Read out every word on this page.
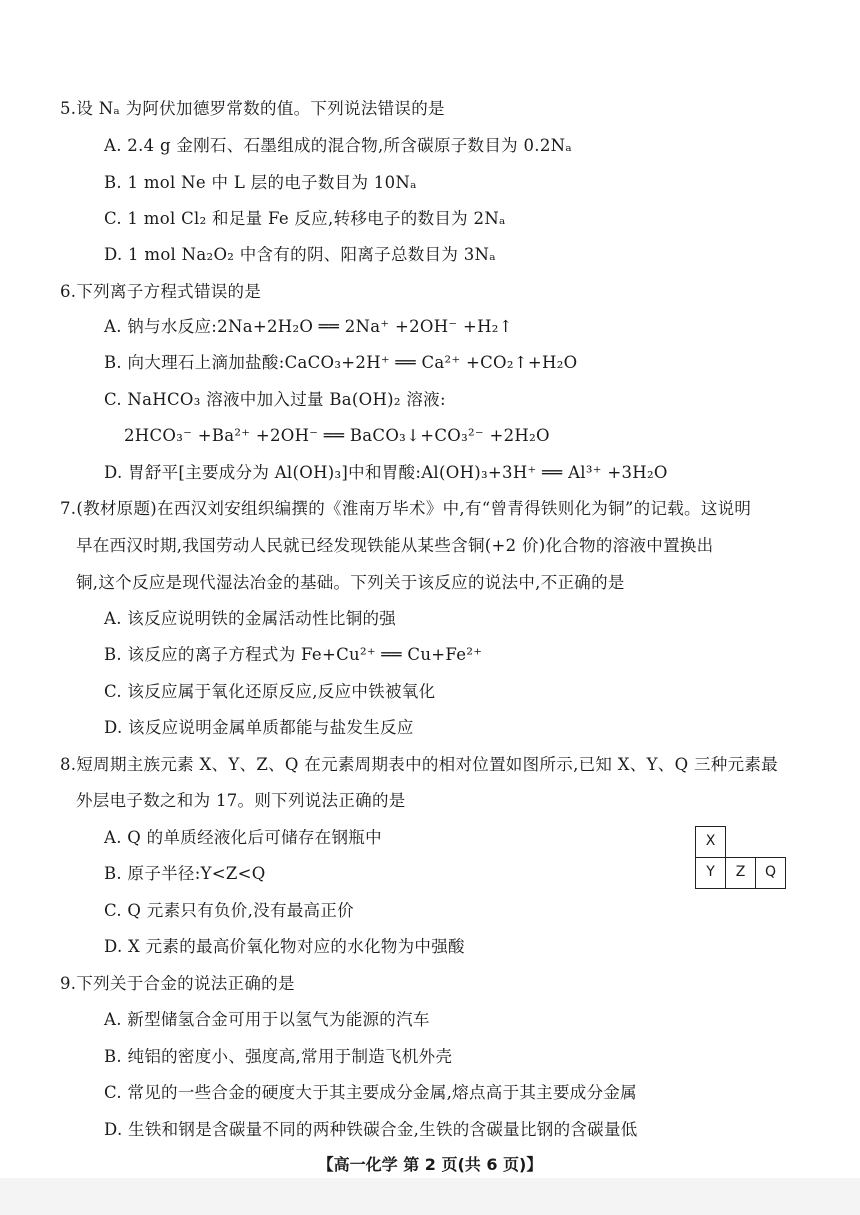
5.设 Nₐ 为阿伏加德罗常数的值。下列说法错误的是
A. 2.4 g 金刚石、石墨组成的混合物,所含碳原子数目为 0.2Nₐ
B. 1 mol Ne 中 L 层的电子数目为 10Nₐ
C. 1 mol Cl₂ 和足量 Fe 反应,转移电子的数目为 2Nₐ
D. 1 mol Na₂O₂ 中含有的阴、阳离子总数目为 3Nₐ
6.下列离子方程式错误的是
A. 钠与水反应:2Na+2H₂O ══ 2Na⁺ +2OH⁻ +H₂↑
B. 向大理石上滴加盐酸:CaCO₃+2H⁺ ══ Ca²⁺ +CO₂↑+H₂O
C. NaHCO₃ 溶液中加入过量 Ba(OH)₂ 溶液:
2HCO₃⁻ +Ba²⁺ +2OH⁻ ══ BaCO₃↓+CO₃²⁻ +2H₂O
D. 胃舒平[主要成分为 Al(OH)₃]中和胃酸:Al(OH)₃+3H⁺ ══ Al³⁺ +3H₂O
7.(教材原题)在西汉刘安组织编撰的《淮南万毕术》中,有“曾青得铁则化为铜”的记载。这说明
早在西汉时期,我国劳动人民就已经发现铁能从某些含铜(+2 价)化合物的溶液中置换出
铜,这个反应是现代湿法冶金的基础。下列关于该反应的说法中,不正确的是
A. 该反应说明铁的金属活动性比铜的强
B. 该反应的离子方程式为 Fe+Cu²⁺ ══ Cu+Fe²⁺
C. 该反应属于氧化还原反应,反应中铁被氧化
D. 该反应说明金属单质都能与盐发生反应
8.短周期主族元素 X、Y、Z、Q 在元素周期表中的相对位置如图所示,已知 X、Y、Q 三种元素最
外层电子数之和为 17。则下列说法正确的是
A. Q 的单质经液化后可储存在钢瓶中
B. 原子半径:Y<Z<Q
C. Q 元素只有负价,没有最高正价
D. X 元素的最高价氧化物对应的水化物为中强酸
X
Y	Z	Q
9.下列关于合金的说法正确的是
A. 新型储氢合金可用于以氢气为能源的汽车
B. 纯铝的密度小、强度高,常用于制造飞机外壳
C. 常见的一些合金的硬度大于其主要成分金属,熔点高于其主要成分金属
D. 生铁和钢是含碳量不同的两种铁碳合金,生铁的含碳量比钢的含碳量低
【高一化学 第 2 页(共 6 页)】
